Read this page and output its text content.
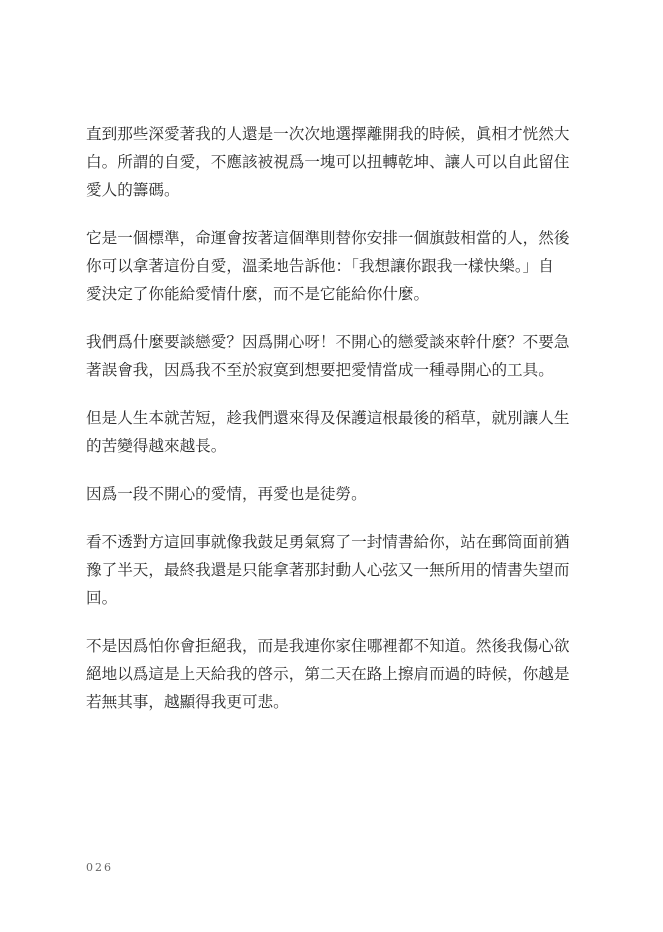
直到那些深愛著我的人還是一次次地選擇離開我的時候，眞相才恍然大
白。所謂的自愛，不應該被視爲一塊可以扭轉乾坤、讓人可以自此留住
愛人的籌碼。

它是一個標準，命運會按著這個準則替你安排一個旗鼓相當的人，然後
你可以拿著這份自愛，溫柔地告訴他：「我想讓你跟我一樣快樂。」自
愛決定了你能給愛情什麼，而不是它能給你什麼。

我們爲什麼要談戀愛？因爲開心呀！不開心的戀愛談來幹什麼？不要急
著誤會我，因爲我不至於寂寞到想要把愛情當成一種尋開心的工具。

但是人生本就苦短，趁我們還來得及保護這根最後的稻草，就別讓人生
的苦變得越來越長。

因爲一段不開心的愛情，再愛也是徒勞。

看不透對方這回事就像我鼓足勇氣寫了一封情書給你，站在郵筒面前猶
豫了半天，最終我還是只能拿著那封動人心弦又一無所用的情書失望而
回。

不是因爲怕你會拒絕我，而是我連你家住哪裡都不知道。然後我傷心欲
絕地以爲這是上天給我的啓示，第二天在路上擦肩而過的時候，你越是
若無其事，越顯得我更可悲。

026
